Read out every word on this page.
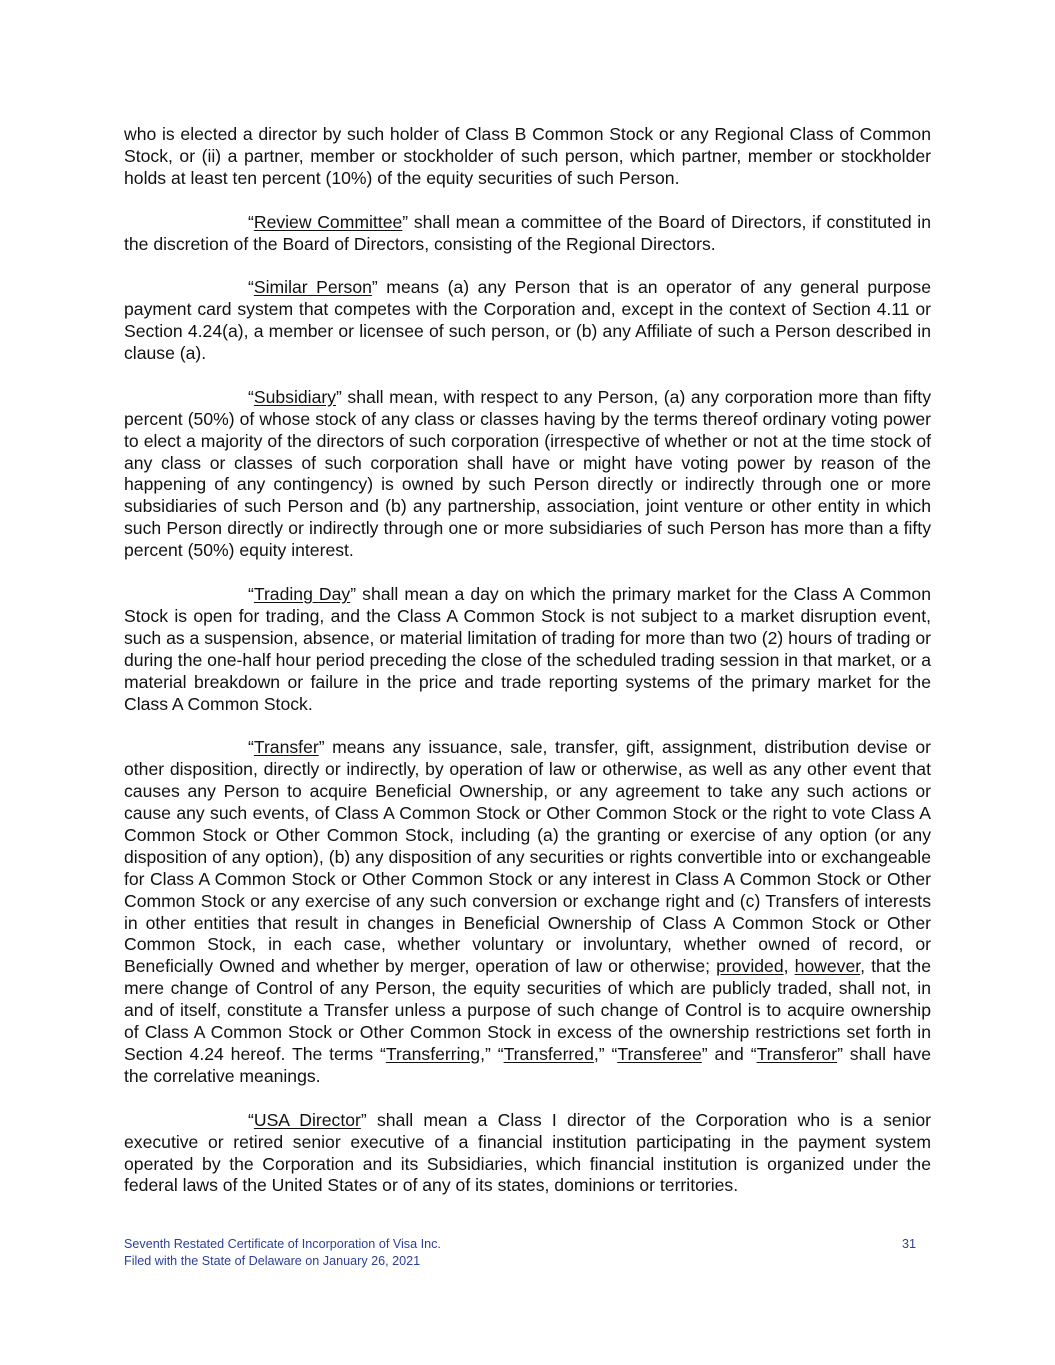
who is elected a director by such holder of Class B Common Stock or any Regional Class of Common Stock, or (ii) a partner, member or stockholder of such person, which partner, member or stockholder holds at least ten percent (10%) of the equity securities of such Person.

“Review Committee” shall mean a committee of the Board of Directors, if constituted in the discretion of the Board of Directors, consisting of the Regional Directors.

“Similar Person” means (a) any Person that is an operator of any general purpose payment card system that competes with the Corporation and, except in the context of Section 4.11 or Section 4.24(a), a member or licensee of such person, or (b) any Affiliate of such a Person described in clause (a).

“Subsidiary” shall mean, with respect to any Person, (a) any corporation more than fifty percent (50%) of whose stock of any class or classes having by the terms thereof ordinary voting power to elect a majority of the directors of such corporation (irrespective of whether or not at the time stock of any class or classes of such corporation shall have or might have voting power by reason of the happening of any contingency) is owned by such Person directly or indirectly through one or more subsidiaries of such Person and (b) any partnership, association, joint venture or other entity in which such Person directly or indirectly through one or more subsidiaries of such Person has more than a fifty percent (50%) equity interest.

“Trading Day” shall mean a day on which the primary market for the Class A Common Stock is open for trading, and the Class A Common Stock is not subject to a market disruption event, such as a suspension, absence, or material limitation of trading for more than two (2) hours of trading or during the one-half hour period preceding the close of the scheduled trading session in that market, or a material breakdown or failure in the price and trade reporting systems of the primary market for the Class A Common Stock.

“Transfer” means any issuance, sale, transfer, gift, assignment, distribution devise or other disposition, directly or indirectly, by operation of law or otherwise, as well as any other event that causes any Person to acquire Beneficial Ownership, or any agreement to take any such actions or cause any such events, of Class A Common Stock or Other Common Stock or the right to vote Class A Common Stock or Other Common Stock, including (a) the granting or exercise of any option (or any disposition of any option), (b) any disposition of any securities or rights convertible into or exchangeable for Class A Common Stock or Other Common Stock or any interest in Class A Common Stock or Other Common Stock or any exercise of any such conversion or exchange right and (c) Transfers of interests in other entities that result in changes in Beneficial Ownership of Class A Common Stock or Other Common Stock, in each case, whether voluntary or involuntary, whether owned of record, or Beneficially Owned and whether by merger, operation of law or otherwise; provided, however, that the mere change of Control of any Person, the equity securities of which are publicly traded, shall not, in and of itself, constitute a Transfer unless a purpose of such change of Control is to acquire ownership of Class A Common Stock or Other Common Stock in excess of the ownership restrictions set forth in Section 4.24 hereof. The terms “Transferring,” “Transferred,” “Transferee” and “Transferor” shall have the correlative meanings.

“USA Director” shall mean a Class I director of the Corporation who is a senior executive or retired senior executive of a financial institution participating in the payment system operated by the Corporation and its Subsidiaries, which financial institution is organized under the federal laws of the United States or of any of its states, dominions or territories.

Seventh Restated Certificate of Incorporation of Visa Inc.
Filed with the State of Delaware on January 26, 2021
31
